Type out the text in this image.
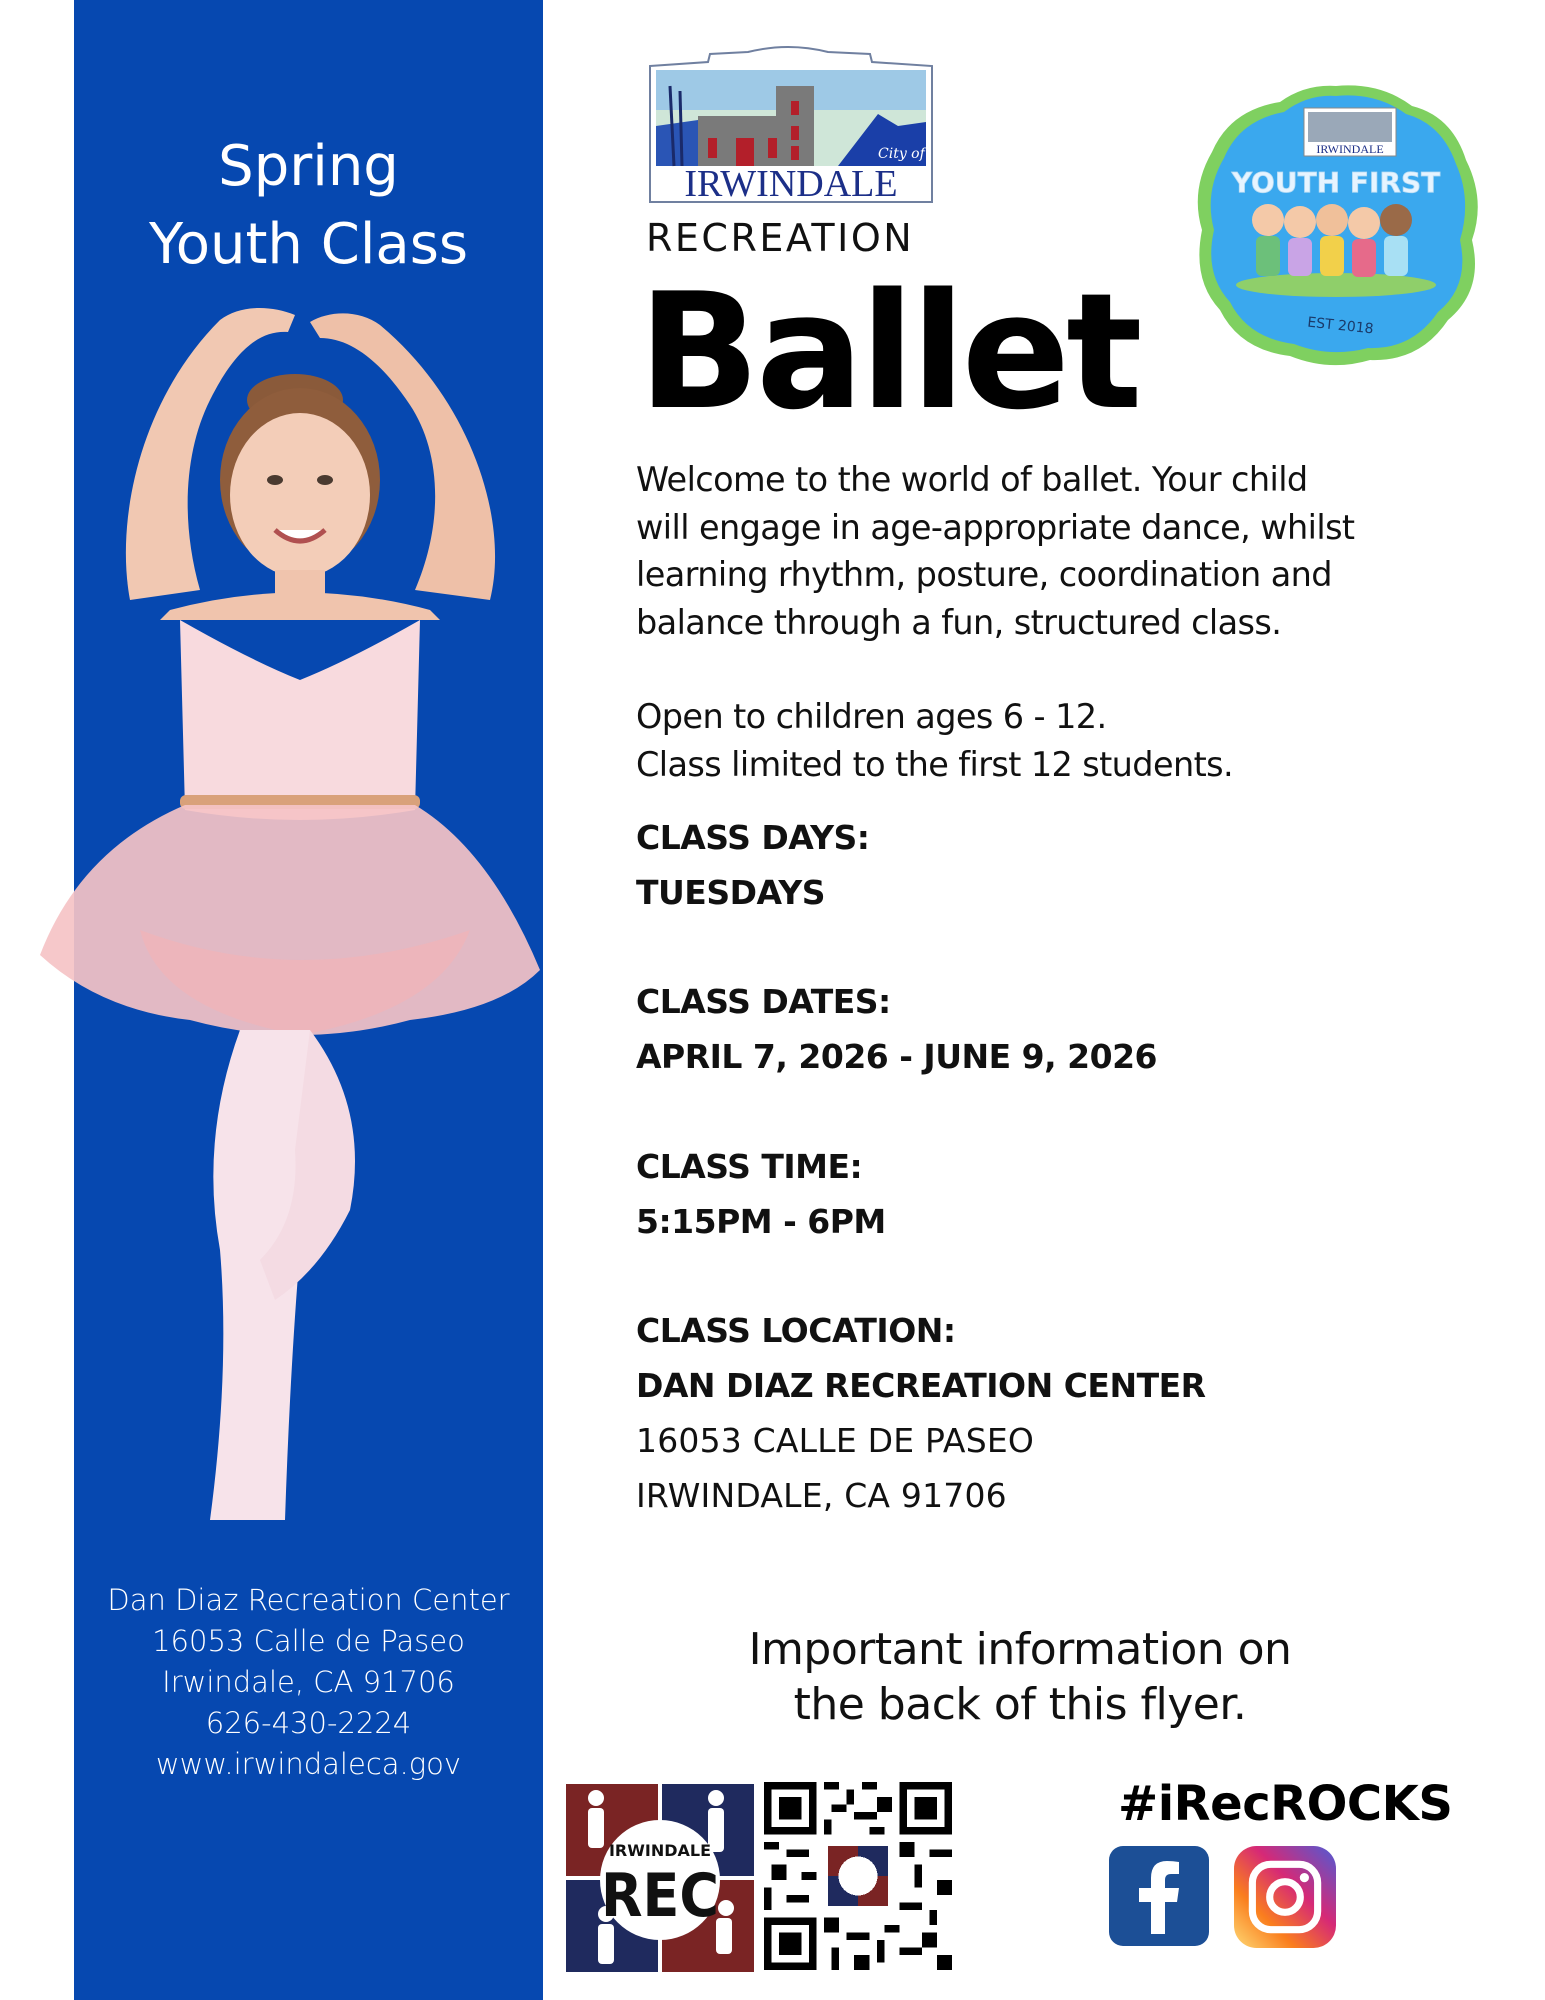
Spring
Youth Class
Dan Diaz Recreation Center
16053 Calle de Paseo
Irwindale, CA 91706
626-430-2224
www.irwindaleca.gov
City of
IRWINDALE
RECREATION
Ballet
IRWINDALE
YOUTH FIRST
EST 2018

Welcome to the world of ballet. Your child

will engage in age-appropriate dance, whilst

learning rhythm, posture, coordination and

balance through a fun, structured class.

Open to children ages 6 - 12.

Class limited to the first 12 students.

CLASS DAYS:
TUESDAYS
CLASS DATES:
APRIL 7, 2026 - JUNE 9, 2026
CLASS TIME:
5:15PM - 6PM
CLASS LOCATION:
DAN DIAZ RECREATION CENTER
16053 CALLE DE PASEO
IRWINDALE, CA 91706
Important information on
the back of this flyer.
IRWINDALE
REC
#iRecROCKS
